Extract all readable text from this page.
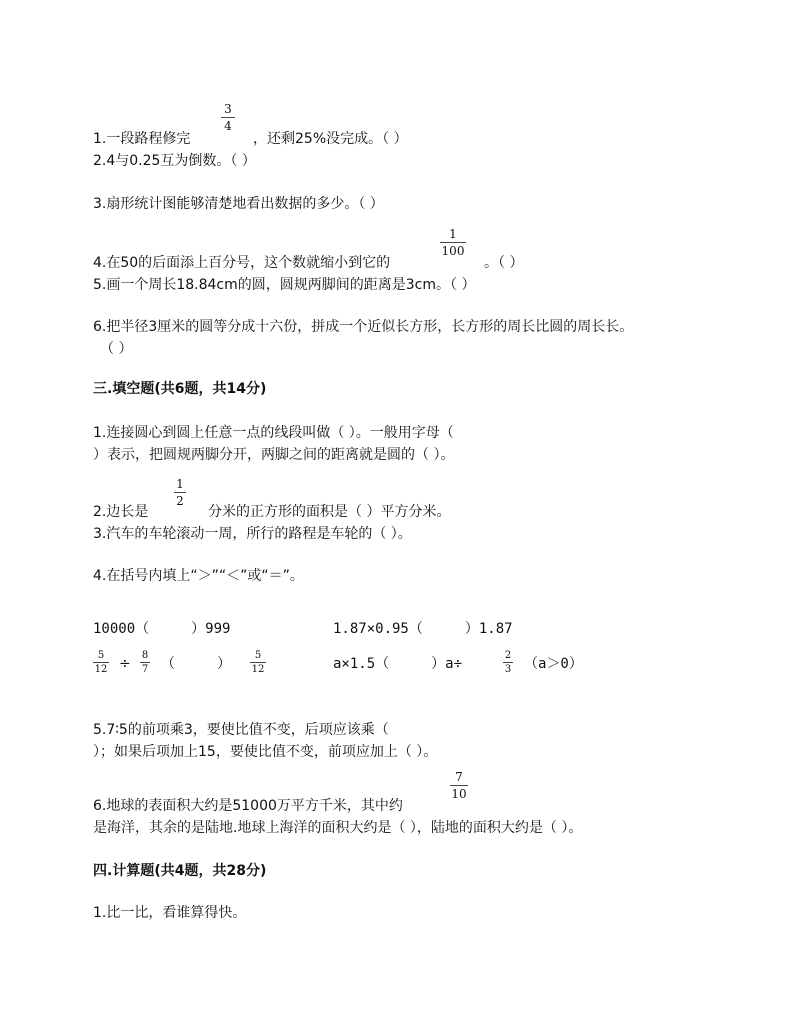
1.一段路程修完
3
4
，还剩25%没完成。（ ）
2.4与0.25互为倒数。（ ）
3.扇形统计图能够清楚地看出数据的多少。（ ）
4.在50的后面添上百分号，这个数就缩小到它的
1
100
。（ ）
5.画一个周长18.84cm的圆，圆规两脚间的距离是3cm。（ ）
6.把半径3厘米的圆等分成十六份，拼成一个近似长方形，长方形的周长比圆的周长长。
（ ）
三.填空题(共6题，共14分)
1.连接圆心到圆上任意一点的线段叫做（ ）。一般用字母（
）表示，把圆规两脚分开，两脚之间的距离就是圆的（ ）。
2.边长是
1
2
分米的正方形的面积是（ ）平方分米。
3.汽车的车轮滚动一周，所行的路程是车轮的（ ）。
4.在括号内填上“＞”“＜”或“＝”。
10000（　　　）999	1.87×0.95（　　　）1.87
5
12 ÷
8
7 （　　　）
5
12	a×1.5（　　　）a÷
2
3 （a＞0）
5.7∶5的前项乘3，要使比值不变，后项应该乘（
）；如果后项加上15，要使比值不变，前项应加上（ ）。
6.地球的表面积大约是51000万平方千米，其中约
7
10
是海洋，其余的是陆地.地球上海洋的面积大约是（ ），陆地的面积大约是（ ）。
四.计算题(共4题，共28分)
1.比一比，看谁算得快。
